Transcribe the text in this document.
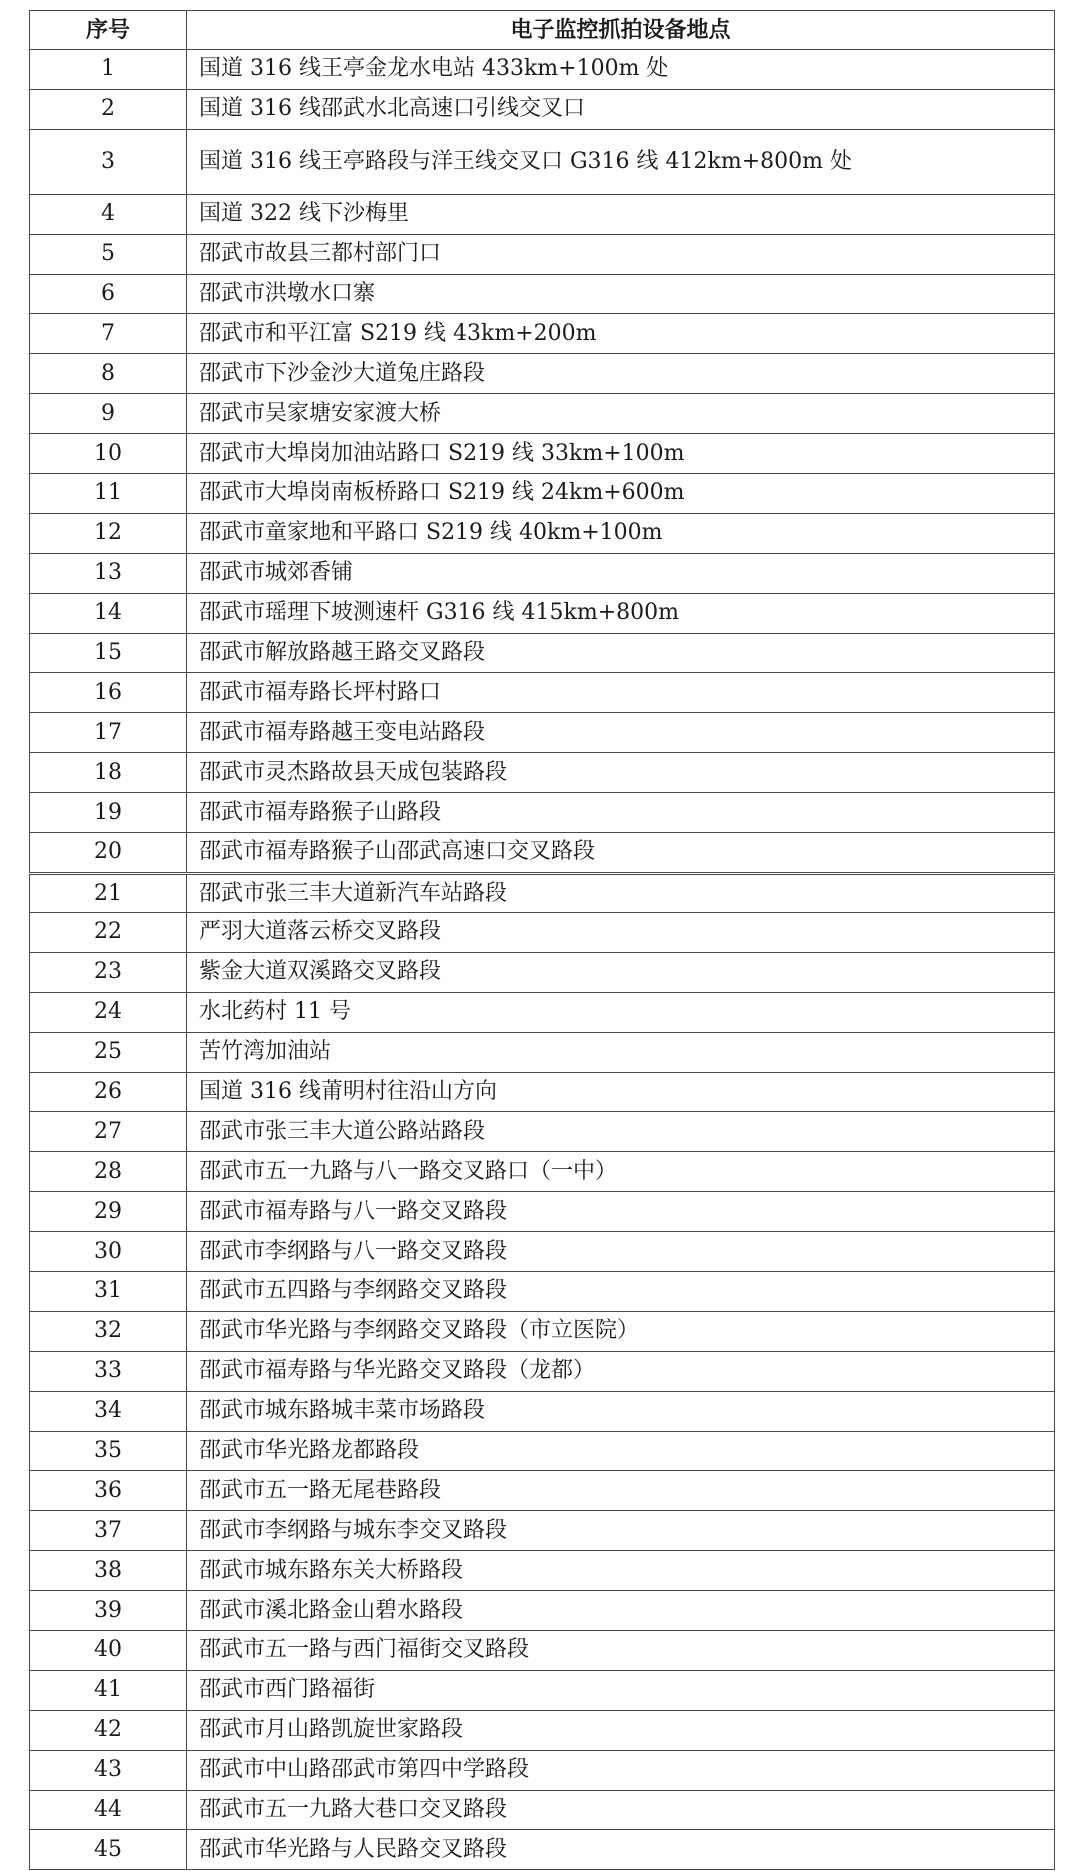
序号	电子监控抓拍设备地点
1	国道 316 线王亭金龙水电站 433km+100m 处
2	国道 316 线邵武水北高速口引线交叉口
3	国道 316 线王亭路段与洋王线交叉口 G316 线 412km+800m 处
4	国道 322 线下沙梅里
5	邵武市故县三都村部门口
6	邵武市洪墩水口寨
7	邵武市和平江富 S219 线 43km+200m
8	邵武市下沙金沙大道兔庄路段
9	邵武市吴家塘安家渡大桥
10	邵武市大埠岗加油站路口 S219 线 33km+100m
11	邵武市大埠岗南板桥路口 S219 线 24km+600m
12	邵武市童家地和平路口 S219 线 40km+100m
13	邵武市城郊香铺
14	邵武市瑶理下坡测速杆 G316 线 415km+800m
15	邵武市解放路越王路交叉路段
16	邵武市福寿路长坪村路口
17	邵武市福寿路越王变电站路段
18	邵武市灵杰路故县天成包装路段
19	邵武市福寿路猴子山路段
20	邵武市福寿路猴子山邵武高速口交叉路段
21	邵武市张三丰大道新汽车站路段
22	严羽大道落云桥交叉路段
23	紫金大道双溪路交叉路段
24	水北药村 11 号
25	苦竹湾加油站
26	国道 316 线莆明村往沿山方向
27	邵武市张三丰大道公路站路段
28	邵武市五一九路与八一路交叉路口（一中）
29	邵武市福寿路与八一路交叉路段
30	邵武市李纲路与八一路交叉路段
31	邵武市五四路与李纲路交叉路段
32	邵武市华光路与李纲路交叉路段（市立医院）
33	邵武市福寿路与华光路交叉路段（龙都）
34	邵武市城东路城丰菜市场路段
35	邵武市华光路龙都路段
36	邵武市五一路无尾巷路段
37	邵武市李纲路与城东李交叉路段
38	邵武市城东路东关大桥路段
39	邵武市溪北路金山碧水路段
40	邵武市五一路与西门福街交叉路段
41	邵武市西门路福街
42	邵武市月山路凯旋世家路段
43	邵武市中山路邵武市第四中学路段
44	邵武市五一九路大巷口交叉路段
45	邵武市华光路与人民路交叉路段
